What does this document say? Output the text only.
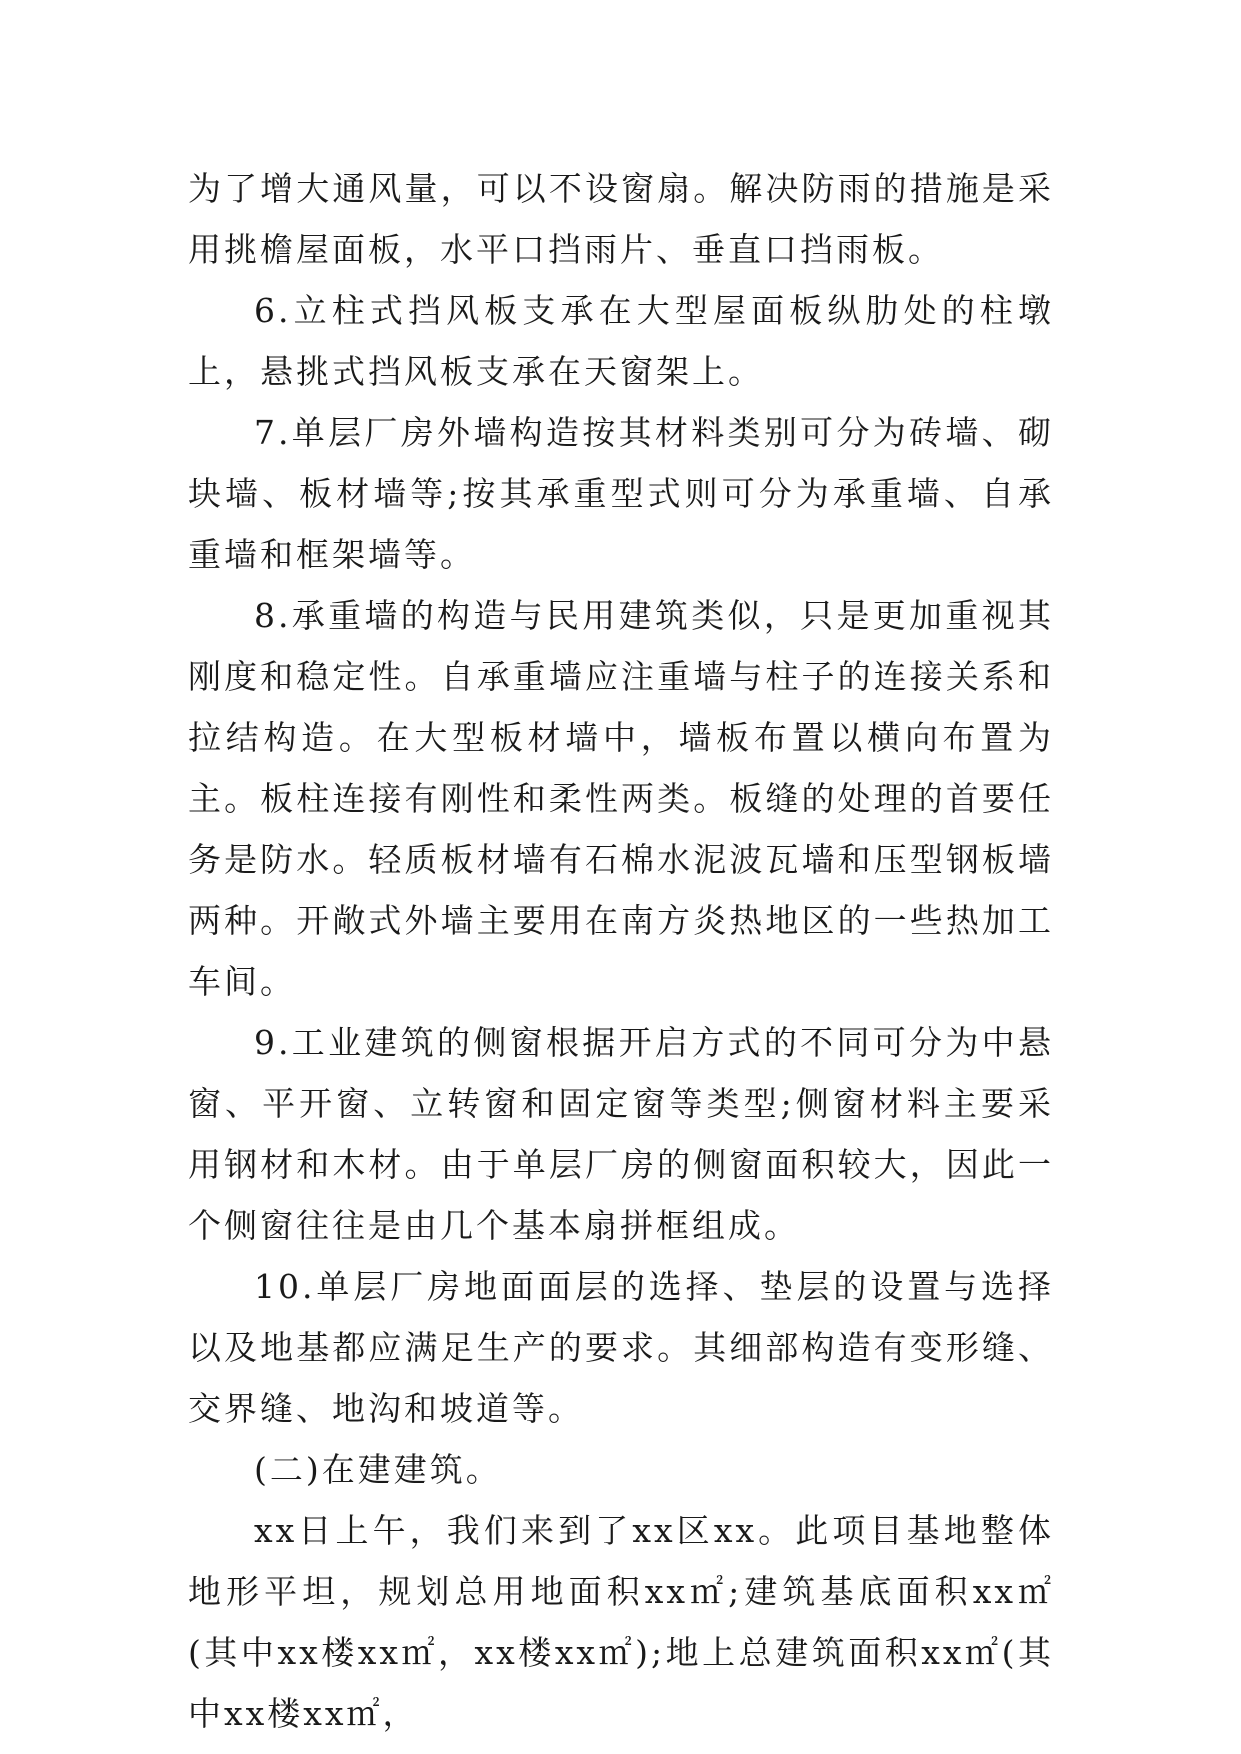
为了增大通风量，可以不设窗扇。解决防雨的措施是采用挑檐屋面板，水平口挡雨片、垂直口挡雨板。

6.立柱式挡风板支承在大型屋面板纵肋处的柱墩上，悬挑式挡风板支承在天窗架上。

7.单层厂房外墙构造按其材料类别可分为砖墙、砌块墙、板材墙等;按其承重型式则可分为承重墙、自承重墙和框架墙等。

8.承重墙的构造与民用建筑类似，只是更加重视其刚度和稳定性。自承重墙应注重墙与柱子的连接关系和拉结构造。在大型板材墙中，墙板布置以横向布置为主。板柱连接有刚性和柔性两类。板缝的处理的首要任务是防水。轻质板材墙有石棉水泥波瓦墙和压型钢板墙两种。开敞式外墙主要用在南方炎热地区的一些热加工车间。

9.工业建筑的侧窗根据开启方式的不同可分为中悬窗、平开窗、立转窗和固定窗等类型;侧窗材料主要采用钢材和木材。由于单层厂房的侧窗面积较大，因此一个侧窗往往是由几个基本扇拼框组成。

10.单层厂房地面面层的选择、垫层的设置与选择以及地基都应满足生产的要求。其细部构造有变形缝、交界缝、地沟和坡道等。

(二)在建建筑。

xx日上午，我们来到了xx区xx。此项目基地整体地形平坦，规划总用地面积xx㎡;建筑基底面积xx㎡(其中xx楼xx㎡，xx楼xx㎡);地上总建筑面积xx㎡(其中xx楼xx㎡，
